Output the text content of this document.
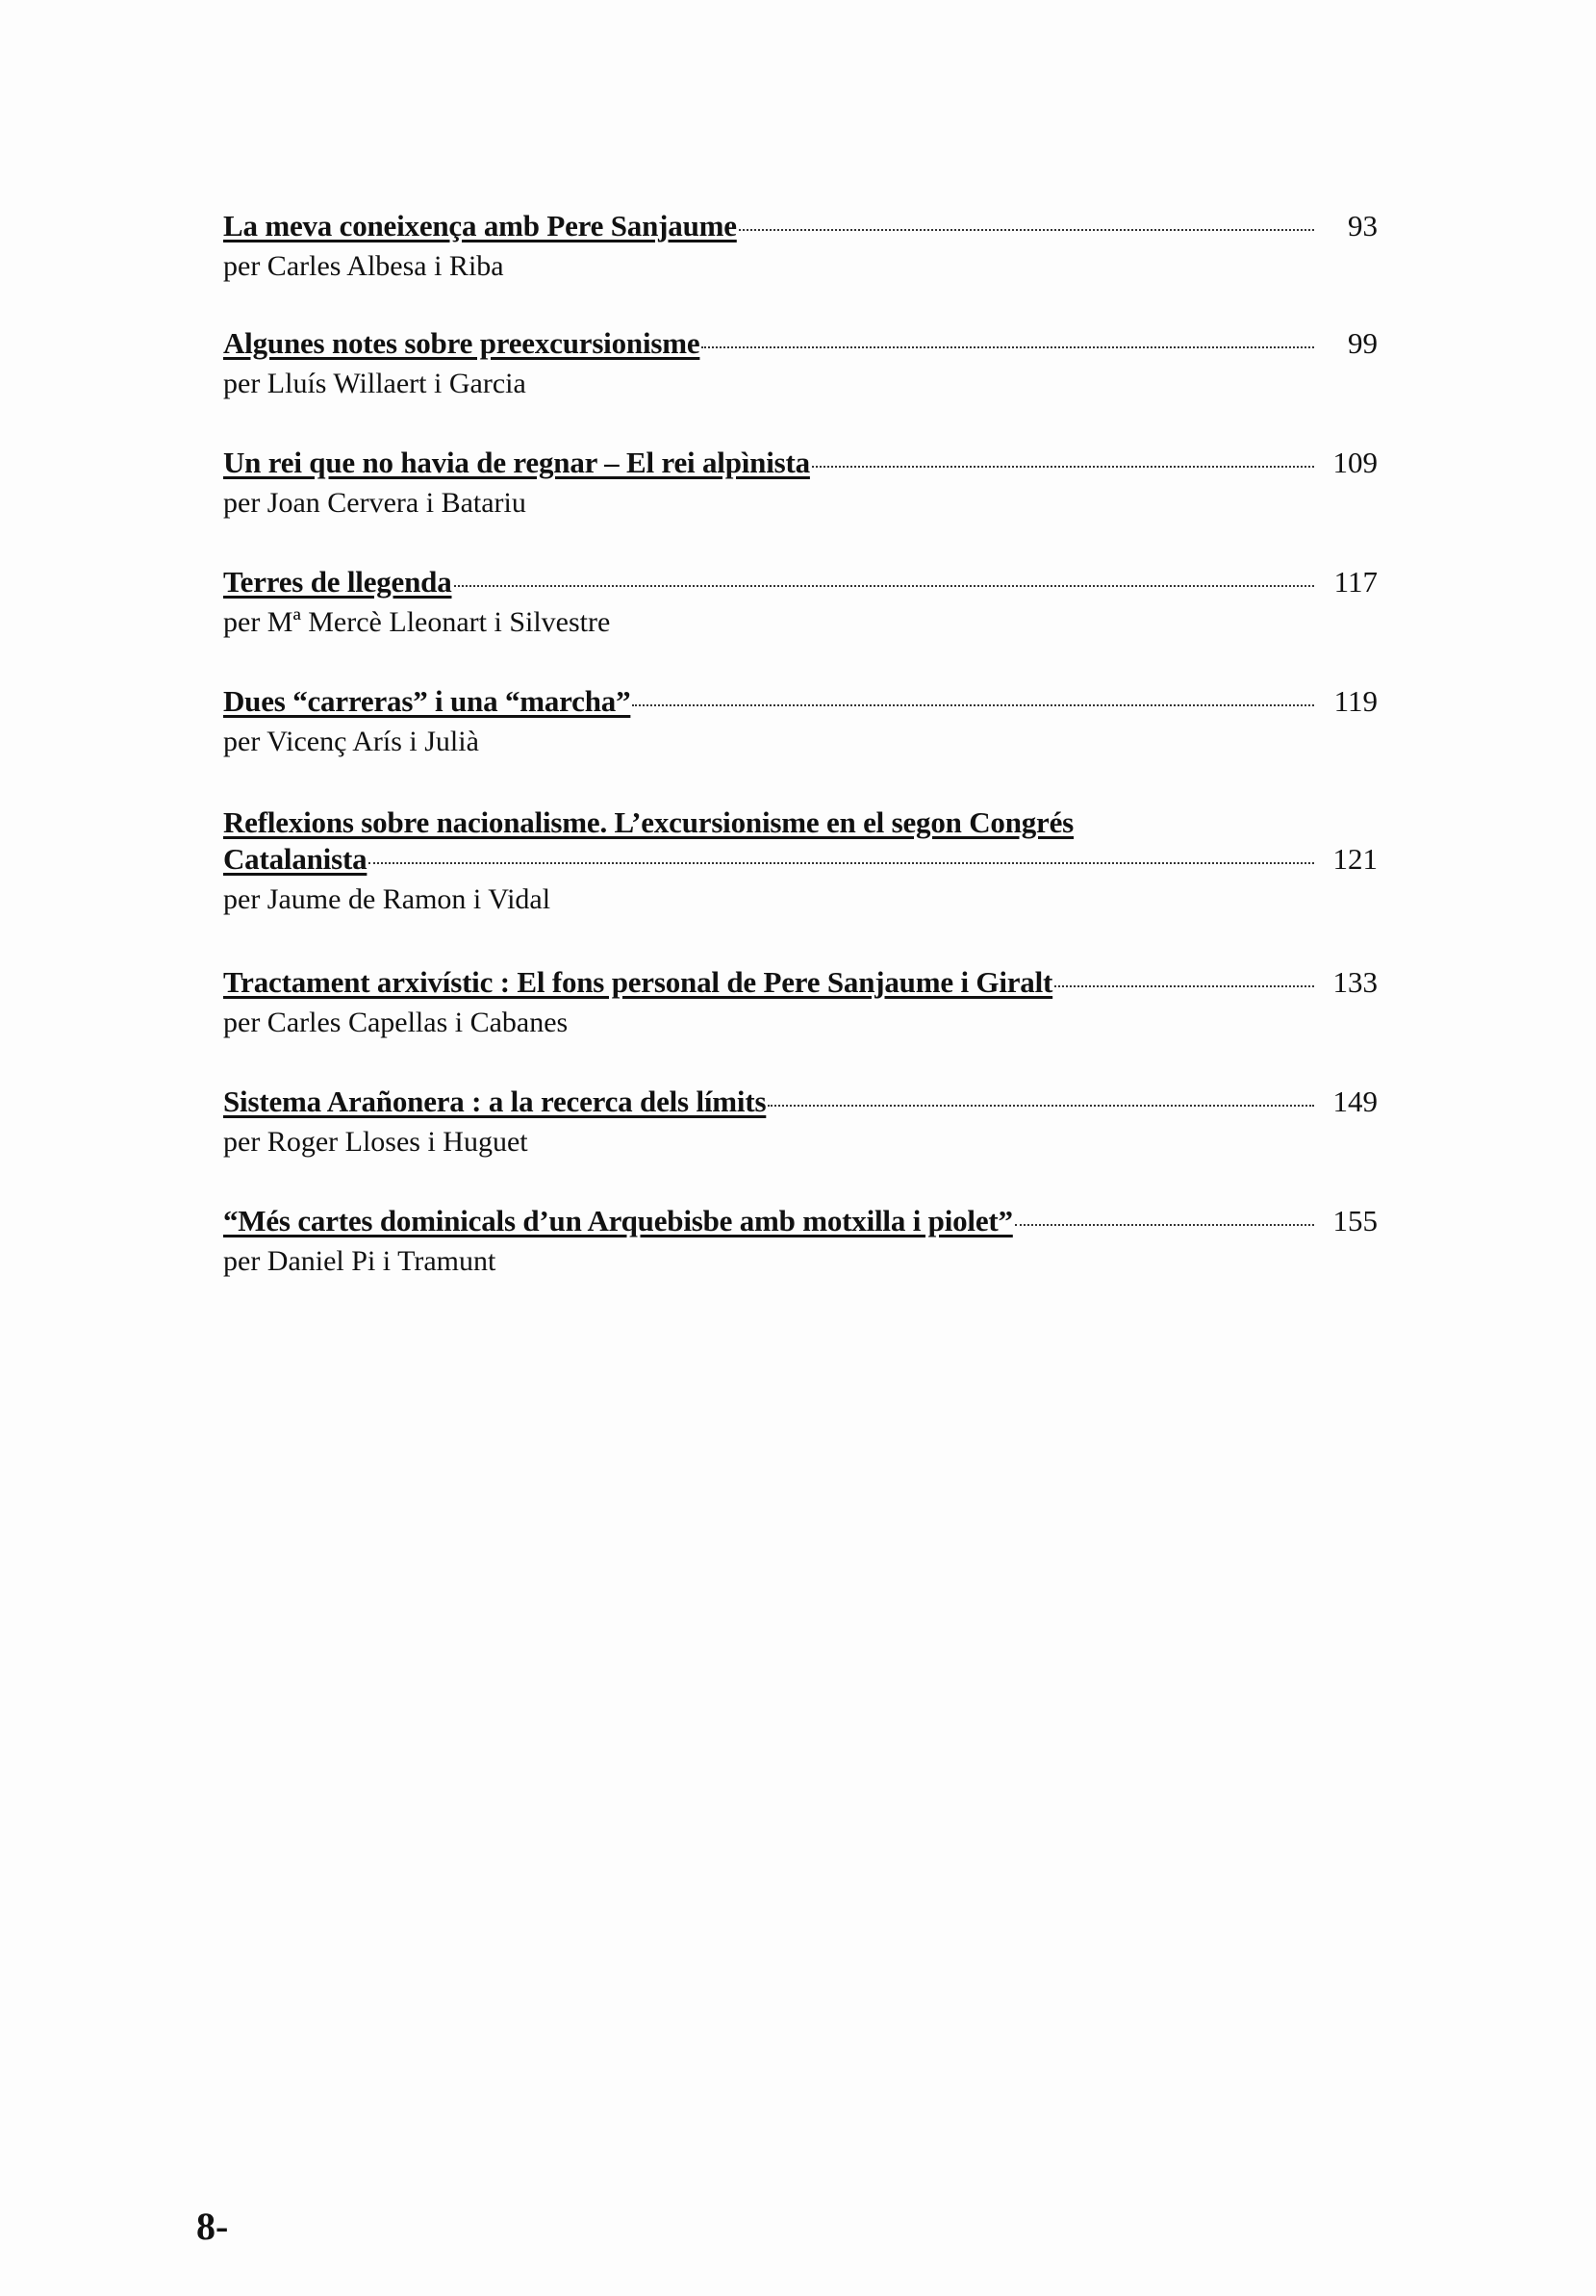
La meva coneixença amb Pere Sanjaume	93
per Carles Albesa i Riba
Algunes notes sobre preexcursionisme	99
per Lluís Willaert i Garcia
Un rei que no havia de regnar – El rei alpìnista	109
per Joan Cervera i Batariu
Terres de llegenda	117
per Mª Mercè Lleonart i Silvestre
Dues “carreras” i una “marcha”	119
per Vicenç Arís i Julià
Reflexions sobre nacionalisme. L’excursionisme en el segon Congrés
Catalanista	121
per Jaume de Ramon i Vidal
Tractament arxivístic : El fons personal de Pere Sanjaume i Giralt	133
per Carles Capellas i Cabanes
Sistema Arañonera : a la recerca dels límits	149
per Roger Lloses i Huguet
“Més cartes dominicals d’un Arquebisbe amb motxilla i piolet”	155
per Daniel Pi i Tramunt
8-
